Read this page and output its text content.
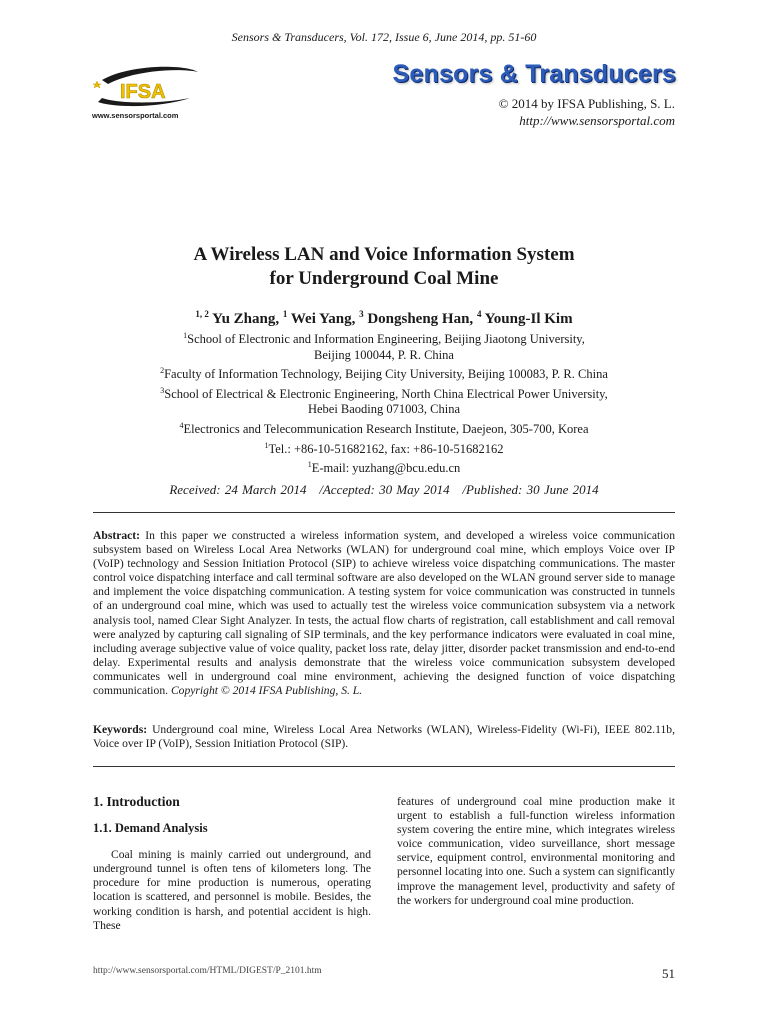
Sensors & Transducers, Vol. 172, Issue 6, June 2014, pp. 51-60
IFSA
www.sensorsportal.com
Sensors & Transducers
© 2014 by IFSA Publishing, S. L.
http://www.sensorsportal.com
A Wireless LAN and Voice Information System
for Underground Coal Mine
$^{1, 2}$ Yu Zhang, $^1$ Wei Yang, $^3$ Dongsheng Han, $^4$ Young-Il Kim
$^1$School of Electronic and Information Engineering, Beijing Jiaotong University,
Beijing 100044, P. R. China
$^2$Faculty of Information Technology, Beijing City University, Beijing 100083, P. R. China
$^3$School of Electrical & Electronic Engineering, North China Electrical Power University,
Hebei Baoding 071003, China
$^4$Electronics and Telecommunication Research Institute, Daejeon, 305-700, Korea
$^1$Tel.: +86-10-51682162, fax: +86-10-51682162
$^1$E-mail: yuzhang@bcu.edu.cn
Received: 24 March 2014   /Accepted: 30 May 2014   /Published: 30 June 2014
Abstract: In this paper we constructed a wireless information system, and developed a wireless voice communication subsystem based on Wireless Local Area Networks (WLAN) for underground coal mine, which employs Voice over IP (VoIP) technology and Session Initiation Protocol (SIP) to achieve wireless voice dispatching communications. The master control voice dispatching interface and call terminal software are also developed on the WLAN ground server side to manage and implement the voice dispatching communication. A testing system for voice communication was constructed in tunnels of an underground coal mine, which was used to actually test the wireless voice communication subsystem via a network analysis tool, named Clear Sight Analyzer. In tests, the actual flow charts of registration, call establishment and call removal were analyzed by capturing call signaling of SIP terminals, and the key performance indicators were evaluated in coal mine, including average subjective value of voice quality, packet loss rate, delay jitter, disorder packet transmission and end-to-end delay. Experimental results and analysis demonstrate that the wireless voice communication subsystem developed communicates well in underground coal mine environment, achieving the designed function of voice dispatching communication. Copyright © 2014 IFSA Publishing, S. L.
Keywords: Underground coal mine, Wireless Local Area Networks (WLAN), Wireless-Fidelity (Wi-Fi), IEEE 802.11b, Voice over IP (VoIP), Session Initiation Protocol (SIP).
1. Introduction
1.1. Demand Analysis

Coal mining is mainly carried out underground, and underground tunnel is often tens of kilometers long. The procedure for mine production is numerous, operating location is scattered, and personnel is mobile. Besides, the working condition is harsh, and potential accident is high. These

features of underground coal mine production make it urgent to establish a full-function wireless information system covering the entire mine, which integrates wireless voice communication, video surveillance, short message service, equipment control, environmental monitoring and personnel locating into one. Such a system can significantly improve the management level, productivity and safety of the workers for underground coal mine production.

http://www.sensorsportal.com/HTML/DIGEST/P_2101.htm	51
